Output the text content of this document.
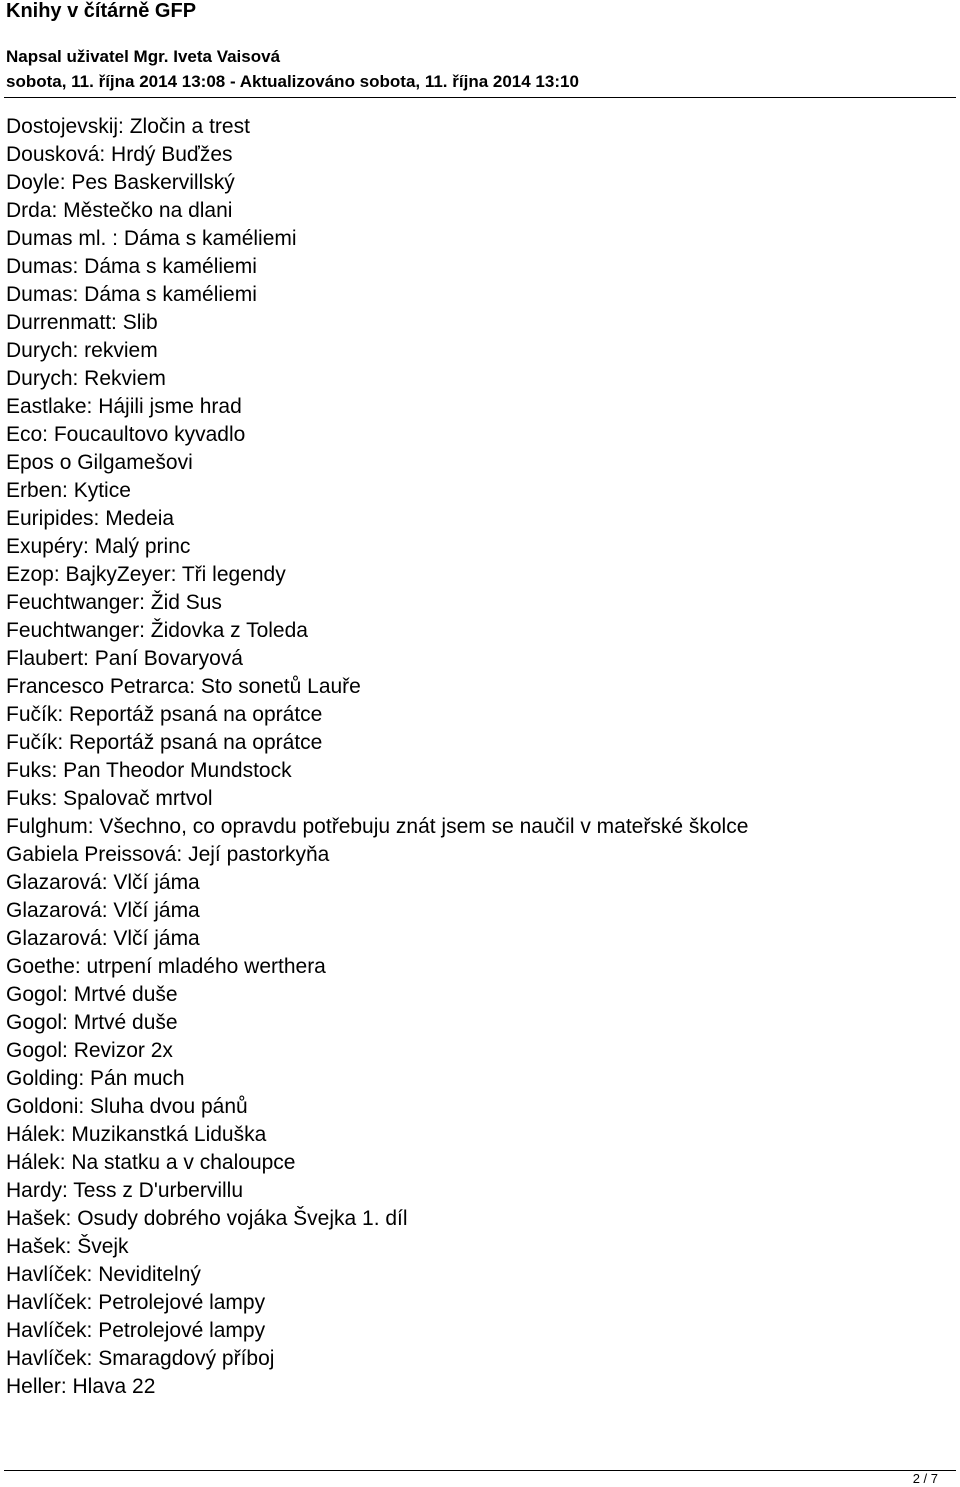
Knihy v čítárně GFP
Napsal uživatel Mgr. Iveta Vaisová
sobota, 11. října 2014 13:08 - Aktualizováno sobota, 11. října 2014 13:10
Dostojevskij: Zločin a trest
Dousková: Hrdý Buďžes
Doyle: Pes Baskervillský
Drda: Městečko na dlani
Dumas ml. : Dáma s kaméliemi
Dumas: Dáma s kaméliemi
Dumas: Dáma s kaméliemi
Durrenmatt: Slib
Durych: rekviem
Durych: Rekviem
Eastlake: Hájili jsme hrad
Eco: Foucaultovo kyvadlo
Epos o Gilgamešovi
Erben: Kytice
Euripides: Medeia
Exupéry: Malý princ
Ezop: BajkyZeyer: Tři legendy
Feuchtwanger: Žid Sus
Feuchtwanger: Židovka z Toleda
Flaubert: Paní Bovaryová
Francesco Petrarca: Sto sonetů Lauře
Fučík: Reportáž psaná na oprátce
Fučík: Reportáž psaná na oprátce
Fuks: Pan Theodor Mundstock
Fuks: Spalovač mrtvol
Fulghum: Všechno, co opravdu potřebuju znát jsem se naučil v mateřské školce
Gabiela Preissová: Její pastorkyňa
Glazarová: Vlčí jáma
Glazarová: Vlčí jáma
Glazarová: Vlčí jáma
Goethe: utrpení mladého werthera
Gogol: Mrtvé duše
Gogol: Mrtvé duše
Gogol: Revizor 2x
Golding: Pán much
Goldoni: Sluha dvou pánů
Hálek: Muzikanstká Liduška
Hálek: Na statku a v chaloupce
Hardy: Tess z D'urbervillu
Hašek: Osudy dobrého vojáka Švejka 1. díl
Hašek: Švejk
Havlíček: Neviditelný
Havlíček: Petrolejové lampy
Havlíček: Petrolejové lampy
Havlíček: Smaragdový příboj
Heller: Hlava 22
2 / 7
